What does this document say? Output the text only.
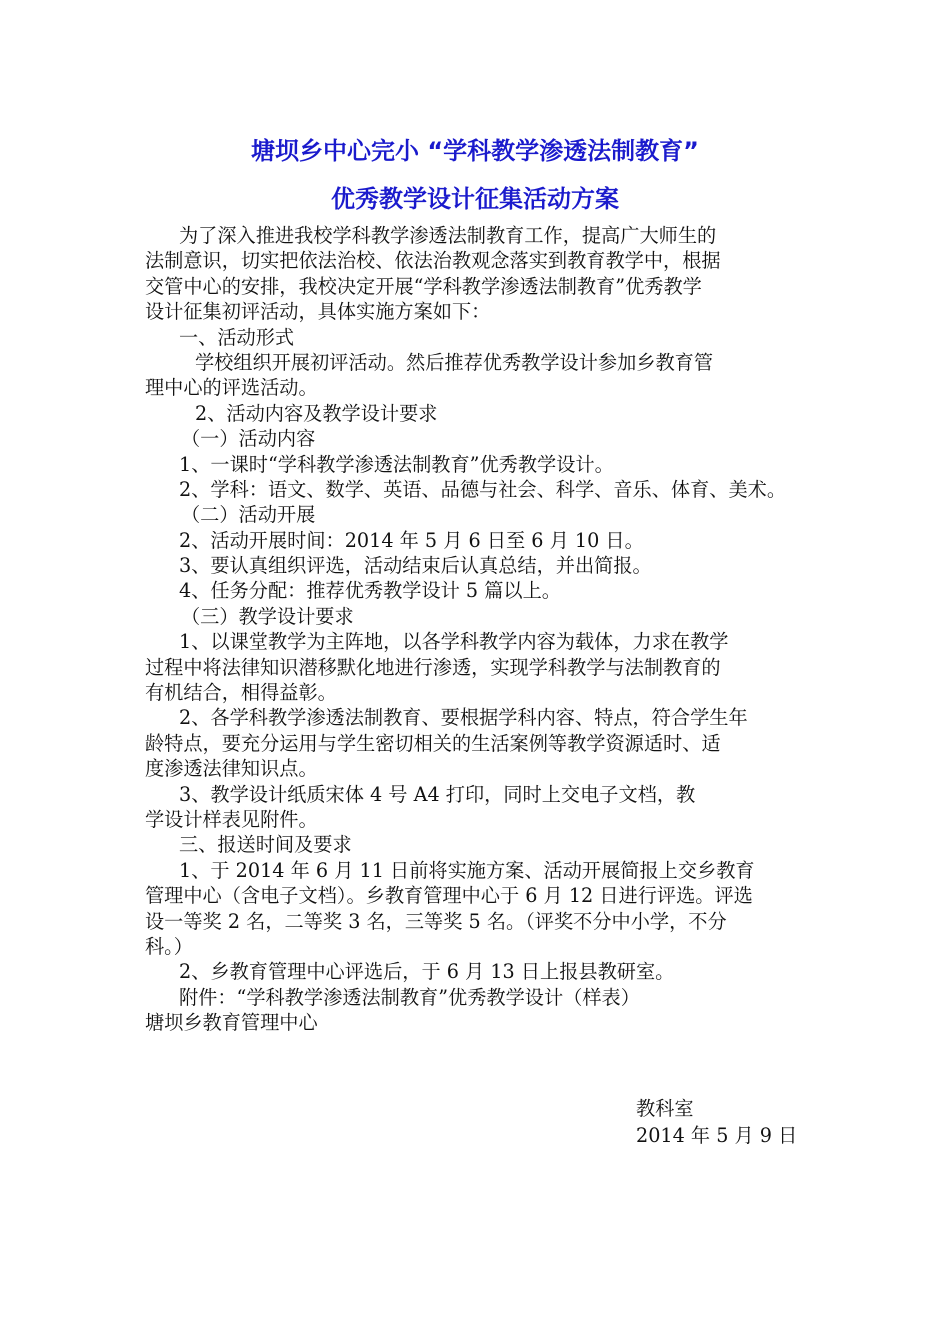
塘坝乡中心完小 “学科教学渗透法制教育”
优秀教学设计征集活动方案
为了深入推进我校学科教学渗透法制教育工作，提高广大师生的
法制意识，切实把依法治校、依法治教观念落实到教育教学中，根据
交管中心的安排，我校决定开展“学科教学渗透法制教育”优秀教学
设计征集初评活动，具体实施方案如下：
一、活动形式
学校组织开展初评活动。然后推荐优秀教学设计参加乡教育管
理中心的评选活动。
2、活动内容及教学设计要求
（一）活动内容
1、一课时“学科教学渗透法制教育”优秀教学设计。
2、学科：语文、数学、英语、品德与社会、科学、音乐、体育、美术。
（二）活动开展
2、活动开展时间：2014 年 5 月 6 日至 6 月 10 日。
3、要认真组织评选，活动结束后认真总结，并出简报。
4、任务分配：推荐优秀教学设计 5 篇以上。
（三）教学设计要求
1、以课堂教学为主阵地，以各学科教学内容为载体，力求在教学
过程中将法律知识潜移默化地进行渗透，实现学科教学与法制教育的
有机结合，相得益彰。
2、各学科教学渗透法制教育、要根据学科内容、特点，符合学生年
龄特点，要充分运用与学生密切相关的生活案例等教学资源适时、适
度渗透法律知识点。
3、教学设计纸质宋体 4 号 A4 打印，同时上交电子文档，教
学设计样表见附件。
三、报送时间及要求
1、于 2014 年 6 月 11 日前将实施方案、活动开展简报上交乡教育
管理中心（含电子文档）。乡教育管理中心于 6 月 12 日进行评选。评选
设一等奖 2 名，二等奖 3 名，三等奖 5 名。（评奖不分中小学，不分
科。）
2、乡教育管理中心评选后，于 6 月 13 日上报县教研室。
附件：“学科教学渗透法制教育”优秀教学设计（样表）
塘坝乡教育管理中心
教科室
2014 年 5 月 9 日
